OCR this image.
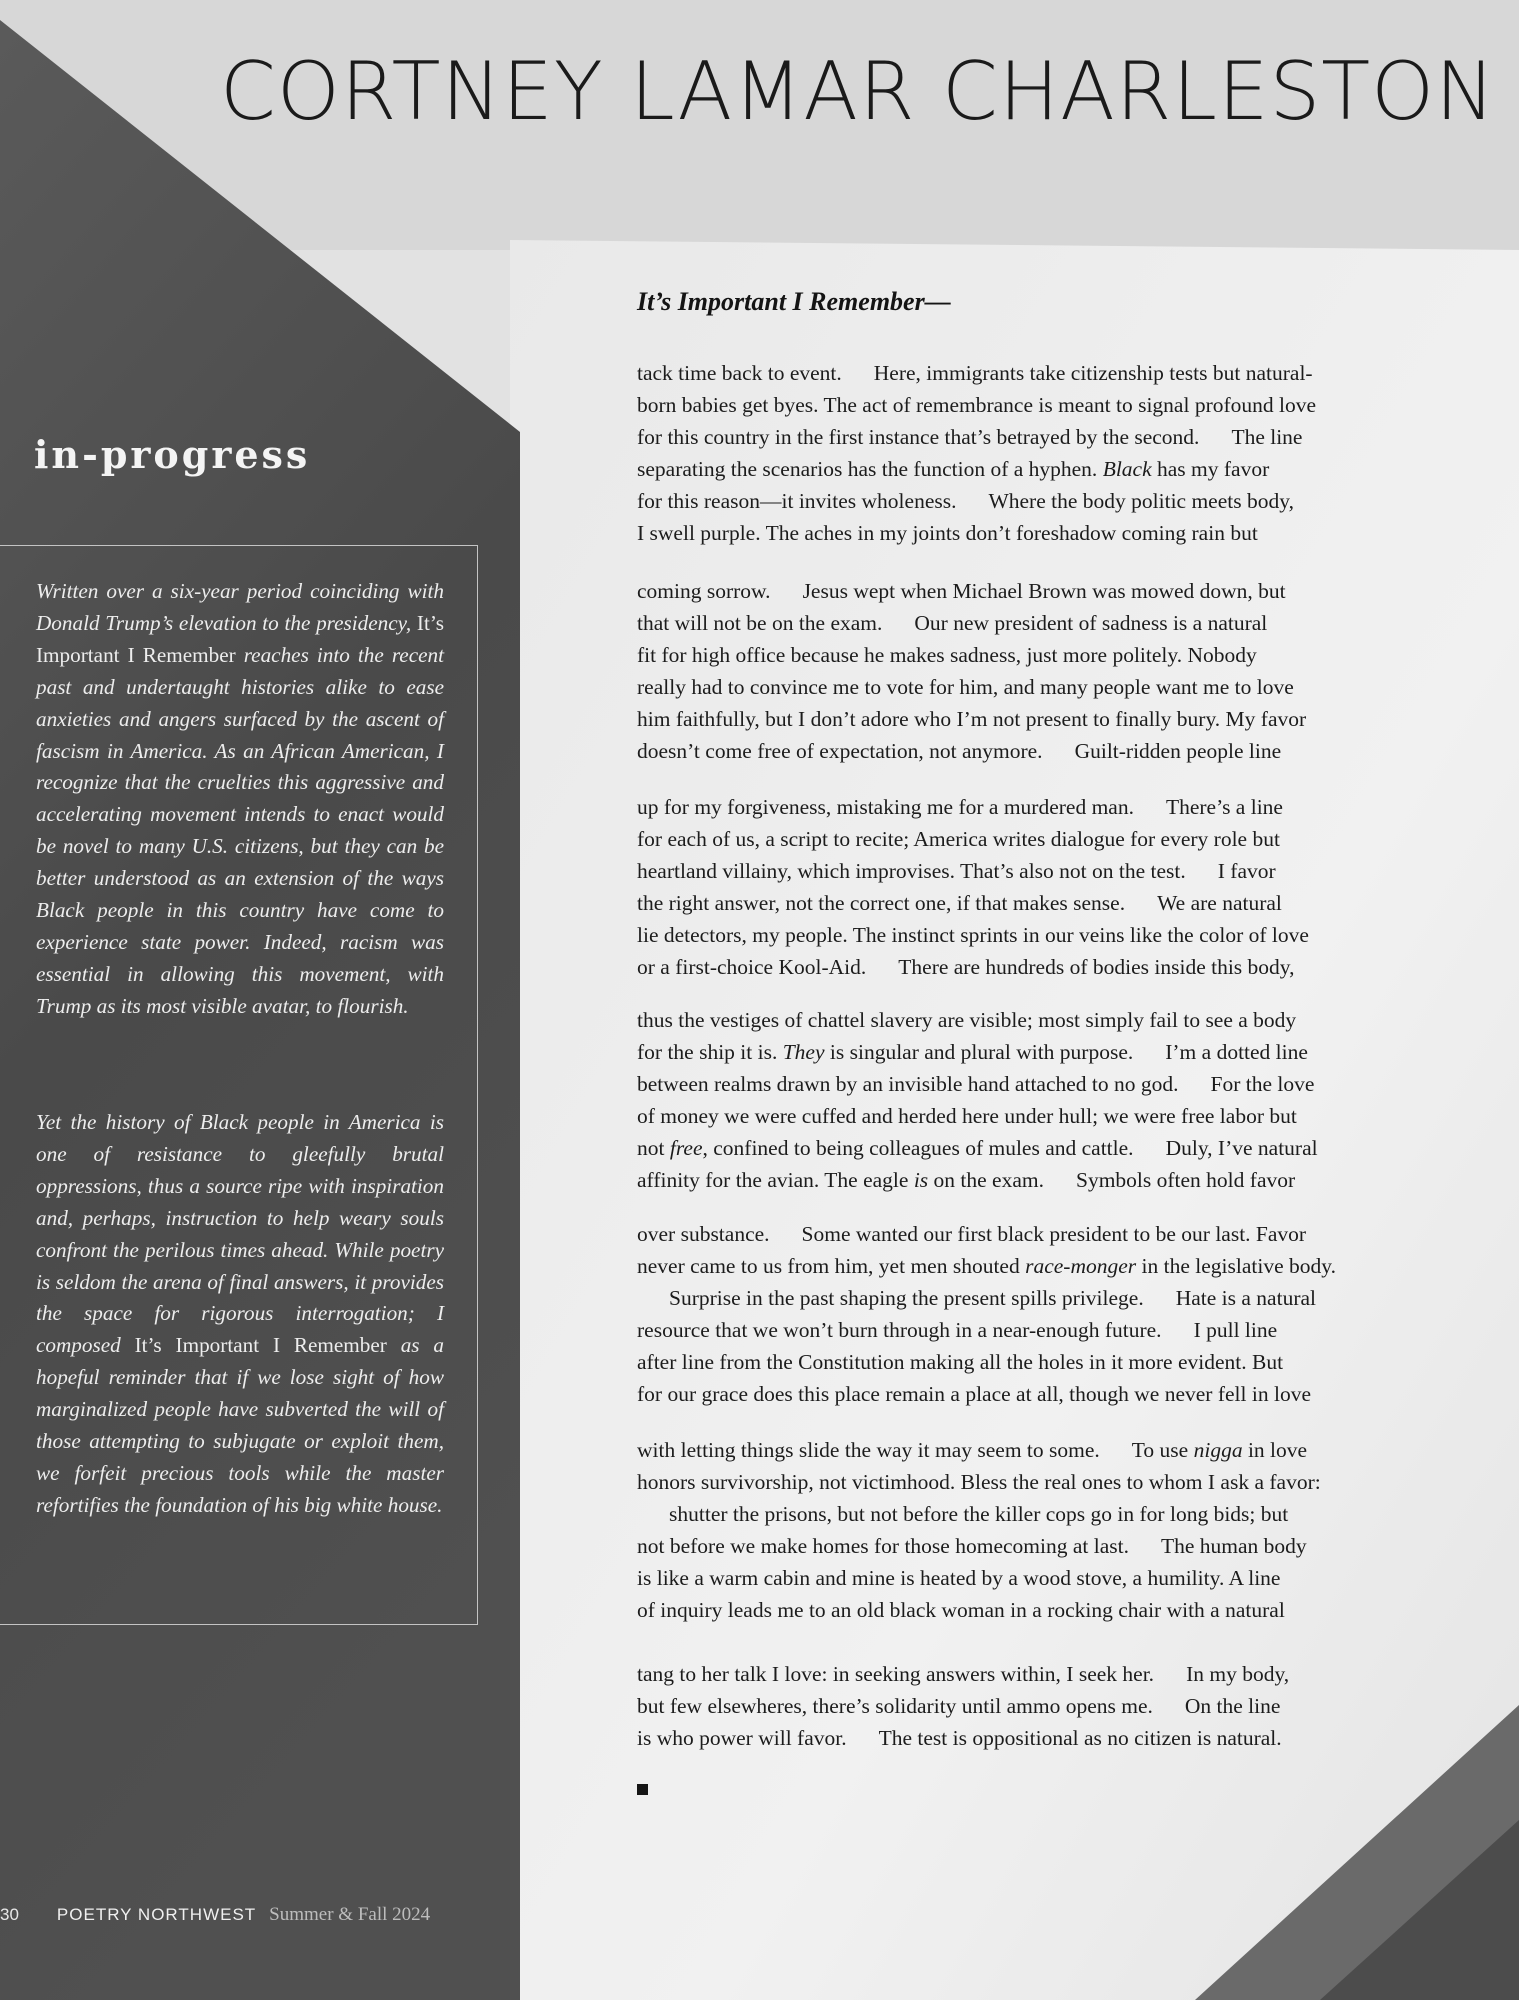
CORTNEY LAMAR CHARLESTON
in-progress

Written over a six-year period coinciding with Donald Trump’s elevation to the presidency, It’s Important I Remember reaches into the recent past and undertaught histories alike to ease anxieties and angers surfaced by the ascent of fascism in America. As an African American, I recognize that the cruelties this aggressive and accelerating movement intends to enact would be novel to many U.S. citizens, but they can be better understood as an extension of the ways Black people in this country have come to experience state power. Indeed, racism was essential in allowing this movement, with Trump as its most visible avatar, to flourish.

Yet the history of Black people in America is one of resistance to gleefully brutal oppressions, thus a source ripe with inspiration and, perhaps, instruction to help weary souls confront the perilous times ahead. While poetry is seldom the arena of final answers, it provides the space for rigorous interrogation; I composed It’s Important I Remember as a hopeful reminder that if we lose sight of how marginalized people have subverted the will of those attempting to subjugate or exploit them, we forfeit precious tools while the master refortifies the foundation of his big white house.

It’s Important I Remember—
tack time back to event. Here, immigrants take citizenship tests but natural-
born babies get byes. The act of remembrance is meant to signal profound love
for this country in the first instance that’s betrayed by the second. The line
separating the scenarios has the function of a hyphen. Black has my favor
for this reason—it invites wholeness. Where the body politic meets body,
I swell purple. The aches in my joints don’t foreshadow coming rain but
coming sorrow. Jesus wept when Michael Brown was mowed down, but
that will not be on the exam. Our new president of sadness is a natural
fit for high office because he makes sadness, just more politely. Nobody
really had to convince me to vote for him, and many people want me to love
him faithfully, but I don’t adore who I’m not present to finally bury. My favor
doesn’t come free of expectation, not anymore. Guilt-ridden people line
up for my forgiveness, mistaking me for a murdered man. There’s a line
for each of us, a script to recite; America writes dialogue for every role but
heartland villainy, which improvises. That’s also not on the test. I favor
the right answer, not the correct one, if that makes sense. We are natural
lie detectors, my people. The instinct sprints in our veins like the color of love
or a first-choice Kool-Aid. There are hundreds of bodies inside this body,
thus the vestiges of chattel slavery are visible; most simply fail to see a body
for the ship it is. They is singular and plural with purpose. I’m a dotted line
between realms drawn by an invisible hand attached to no god. For the love
of money we were cuffed and herded here under hull; we were free labor but
not free, confined to being colleagues of mules and cattle. Duly, I’ve natural
affinity for the avian. The eagle is on the exam. Symbols often hold favor
over substance. Some wanted our first black president to be our last. Favor
never came to us from him, yet men shouted race-monger in the legislative body.
Surprise in the past shaping the present spills privilege. Hate is a natural
resource that we won’t burn through in a near-enough future. I pull line
after line from the Constitution making all the holes in it more evident. But
for our grace does this place remain a place at all, though we never fell in love
with letting things slide the way it may seem to some. To use nigga in love
honors survivorship, not victimhood. Bless the real ones to whom I ask a favor:
shutter the prisons, but not before the killer cops go in for long bids; but
not before we make homes for those homecoming at last. The human body
is like a warm cabin and mine is heated by a wood stove, a humility. A line
of inquiry leads me to an old black woman in a rocking chair with a natural
tang to her talk I love: in seeking answers within, I seek her. In my body,
but few elsewheres, there’s solidarity until ammo opens me. On the line
is who power will favor. The test is oppositional as no citizen is natural.
30 POETRY NORTHWEST Summer & Fall 2024
